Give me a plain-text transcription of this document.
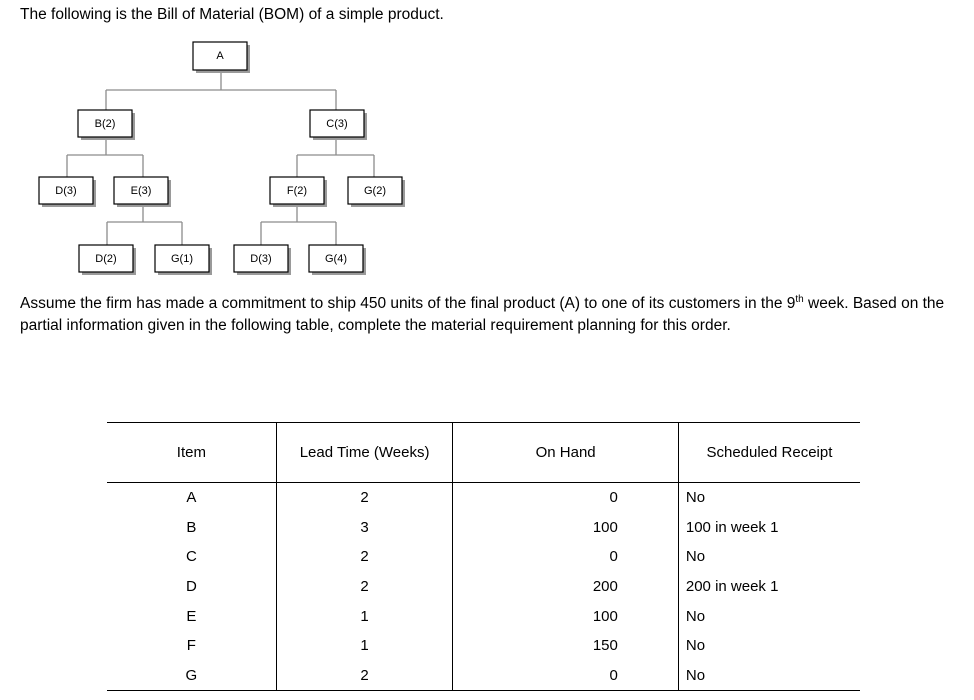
The following is the Bill of Material (BOM) of a simple product.

A
B(2)	C(3)
D(3)	E(3)	F(2)	G(2)
D(2)	G(1)	D(3)	G(4)

Assume the firm has made a commitment to ship 450 units of the final product (A) to one of its customers in the 9th week. Based on the partial information given in the following table, complete the material requirement planning for this order.

Item	Lead Time (Weeks)	On Hand	Scheduled Receipt
A	2	0	No
B	3	100	100 in week 1
C	2	0	No
D	2	200	200 in week 1
E	1	100	No
F	1	150	No
G	2	0	No
